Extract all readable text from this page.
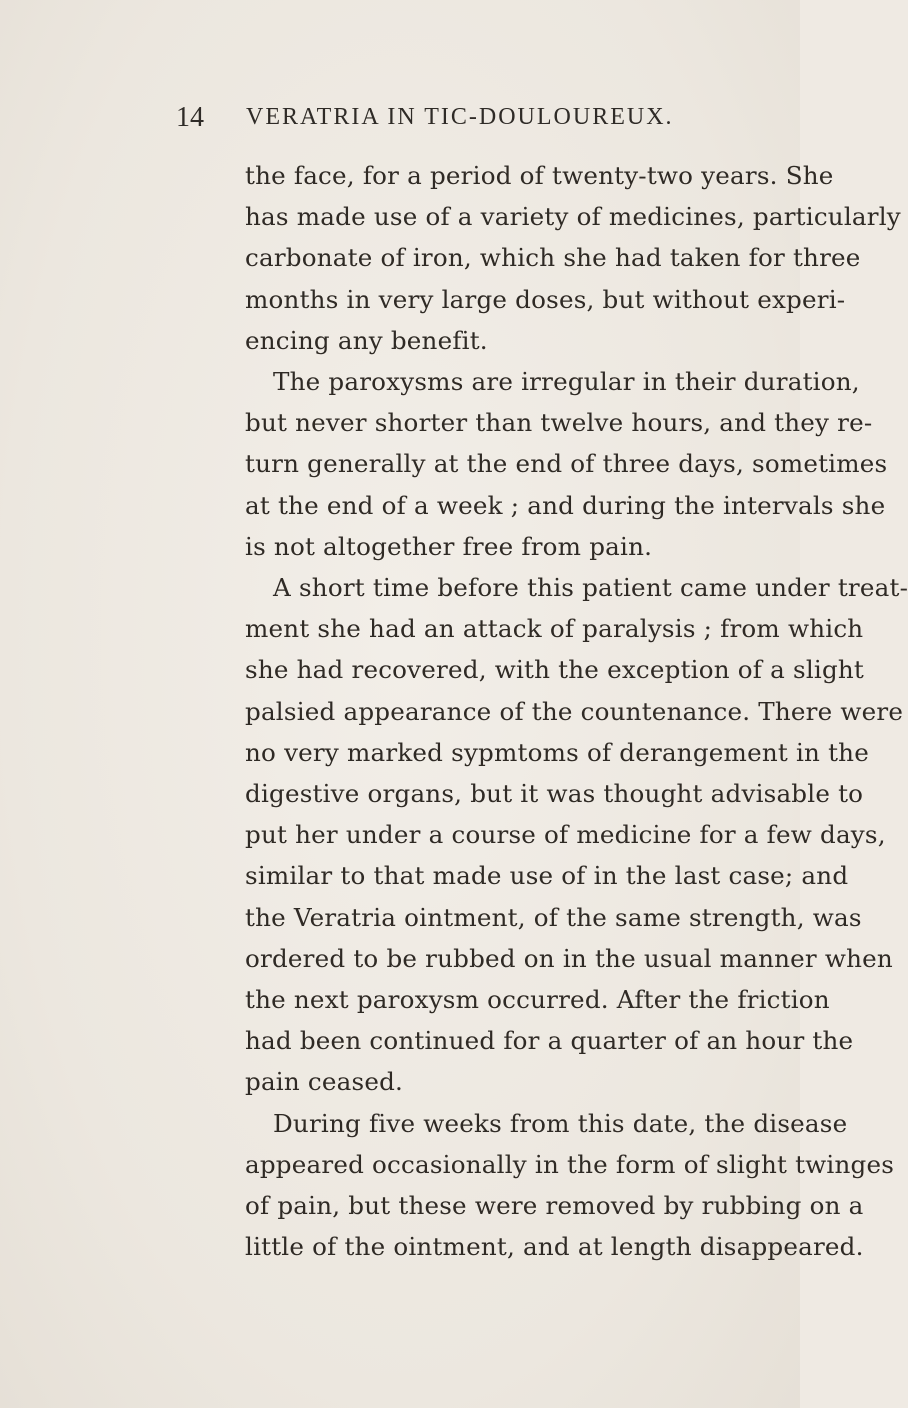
14 VERATRIA IN TIC-DOULOUREUX.
the face, for a period of twenty-two years. She
has made use of a variety of medicines, particularly
carbonate of iron, which she had taken for three
months in very large doses, but without experi-
encing any benefit.
The paroxysms are irregular in their duration,
but never shorter than twelve hours, and they re-
turn generally at the end of three days, sometimes
at the end of a week ; and during the intervals she
is not altogether free from pain.
A short time before this patient came under treat-
ment she had an attack of paralysis ; from which
she had recovered, with the exception of a slight
palsied appearance of the countenance. There were
no very marked sypmtoms of derangement in the
digestive organs, but it was thought advisable to
put her under a course of medicine for a few days,
similar to that made use of in the last case; and
the Veratria ointment, of the same strength, was
ordered to be rubbed on in the usual manner when
the next paroxysm occurred. After the friction
had been continued for a quarter of an hour the
pain ceased.
During five weeks from this date, the disease
appeared occasionally in the form of slight twinges
of pain, but these were removed by rubbing on a
little of the ointment, and at length disappeared.
